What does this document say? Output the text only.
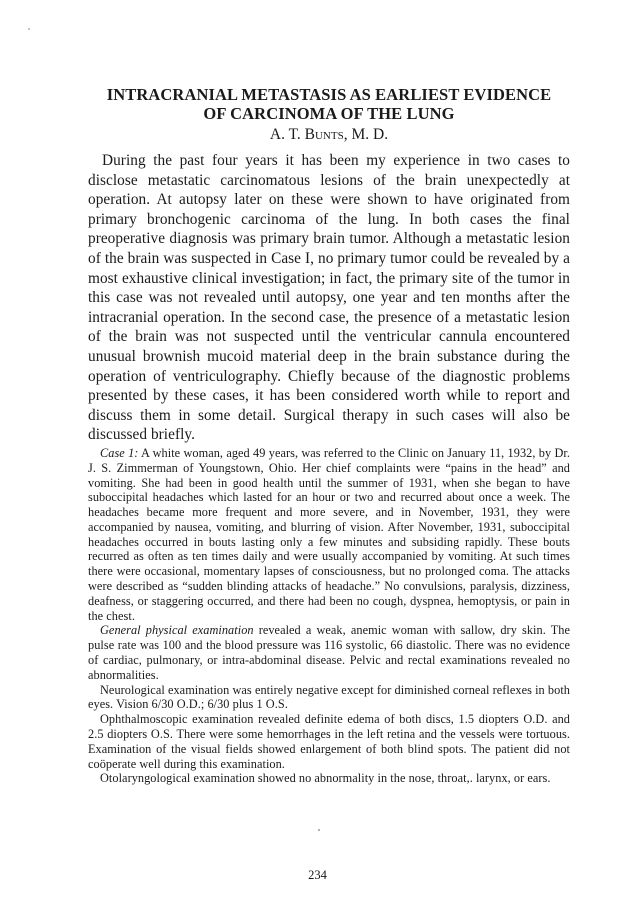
INTRACRANIAL METASTASIS AS EARLIEST EVIDENCE
OF CARCINOMA OF THE LUNG
A. T. Bunts, M. D.

During the past four years it has been my experience in two cases to disclose metastatic carcinomatous lesions of the brain unexpectedly at operation. At autopsy later on these were shown to have originated from primary bronchogenic carcinoma of the lung. In both cases the final preoperative diagnosis was primary brain tumor. Although a metastatic lesion of the brain was suspected in Case I, no primary tumor could be revealed by a most exhaustive clinical investigation; in fact, the primary site of the tumor in this case was not revealed until autopsy, one year and ten months after the intracranial operation. In the second case, the presence of a metastatic lesion of the brain was not suspected until the ventricular cannula encountered unusual brownish mucoid material deep in the brain substance during the operation of ventriculography. Chiefly because of the diagnostic problems presented by these cases, it has been considered worth while to report and discuss them in some detail. Surgical therapy in such cases will also be discussed briefly.

Case 1: A white woman, aged 49 years, was referred to the Clinic on January 11, 1932, by Dr. J. S. Zimmerman of Youngstown, Ohio. Her chief complaints were “pains in the head” and vomiting. She had been in good health until the summer of 1931, when she began to have suboccipital headaches which lasted for an hour or two and recurred about once a week. The headaches became more frequent and more severe, and in November, 1931, they were accompanied by nausea, vomiting, and blurring of vision. After November, 1931, suboccipital headaches occurred in bouts lasting only a few minutes and subsiding rapidly. These bouts recurred as often as ten times daily and were usually accompanied by vomiting. At such times there were occasional, momentary lapses of consciousness, but no prolonged coma. The attacks were described as “sudden blinding attacks of headache.” No convulsions, paralysis, dizziness, deafness, or staggering occurred, and there had been no cough, dyspnea, hemoptysis, or pain in the chest.

General physical examination revealed a weak, anemic woman with sallow, dry skin. The pulse rate was 100 and the blood pressure was 116 systolic, 66 diastolic. There was no evidence of cardiac, pulmonary, or intra-abdominal disease. Pelvic and rectal examinations revealed no abnormalities.

Neurological examination was entirely negative except for diminished corneal reflexes in both eyes. Vision 6/30 O.D.; 6/30 plus 1 O.S.

Ophthalmoscopic examination revealed definite edema of both discs, 1.5 diopters O.D. and 2.5 diopters O.S. There were some hemorrhages in the left retina and the vessels were tortuous. Examination of the visual fields showed enlargement of both blind spots. The patient did not coöperate well during this examination.

Otolaryngological examination showed no abnormality in the nose, throat,. larynx, or ears.

234
